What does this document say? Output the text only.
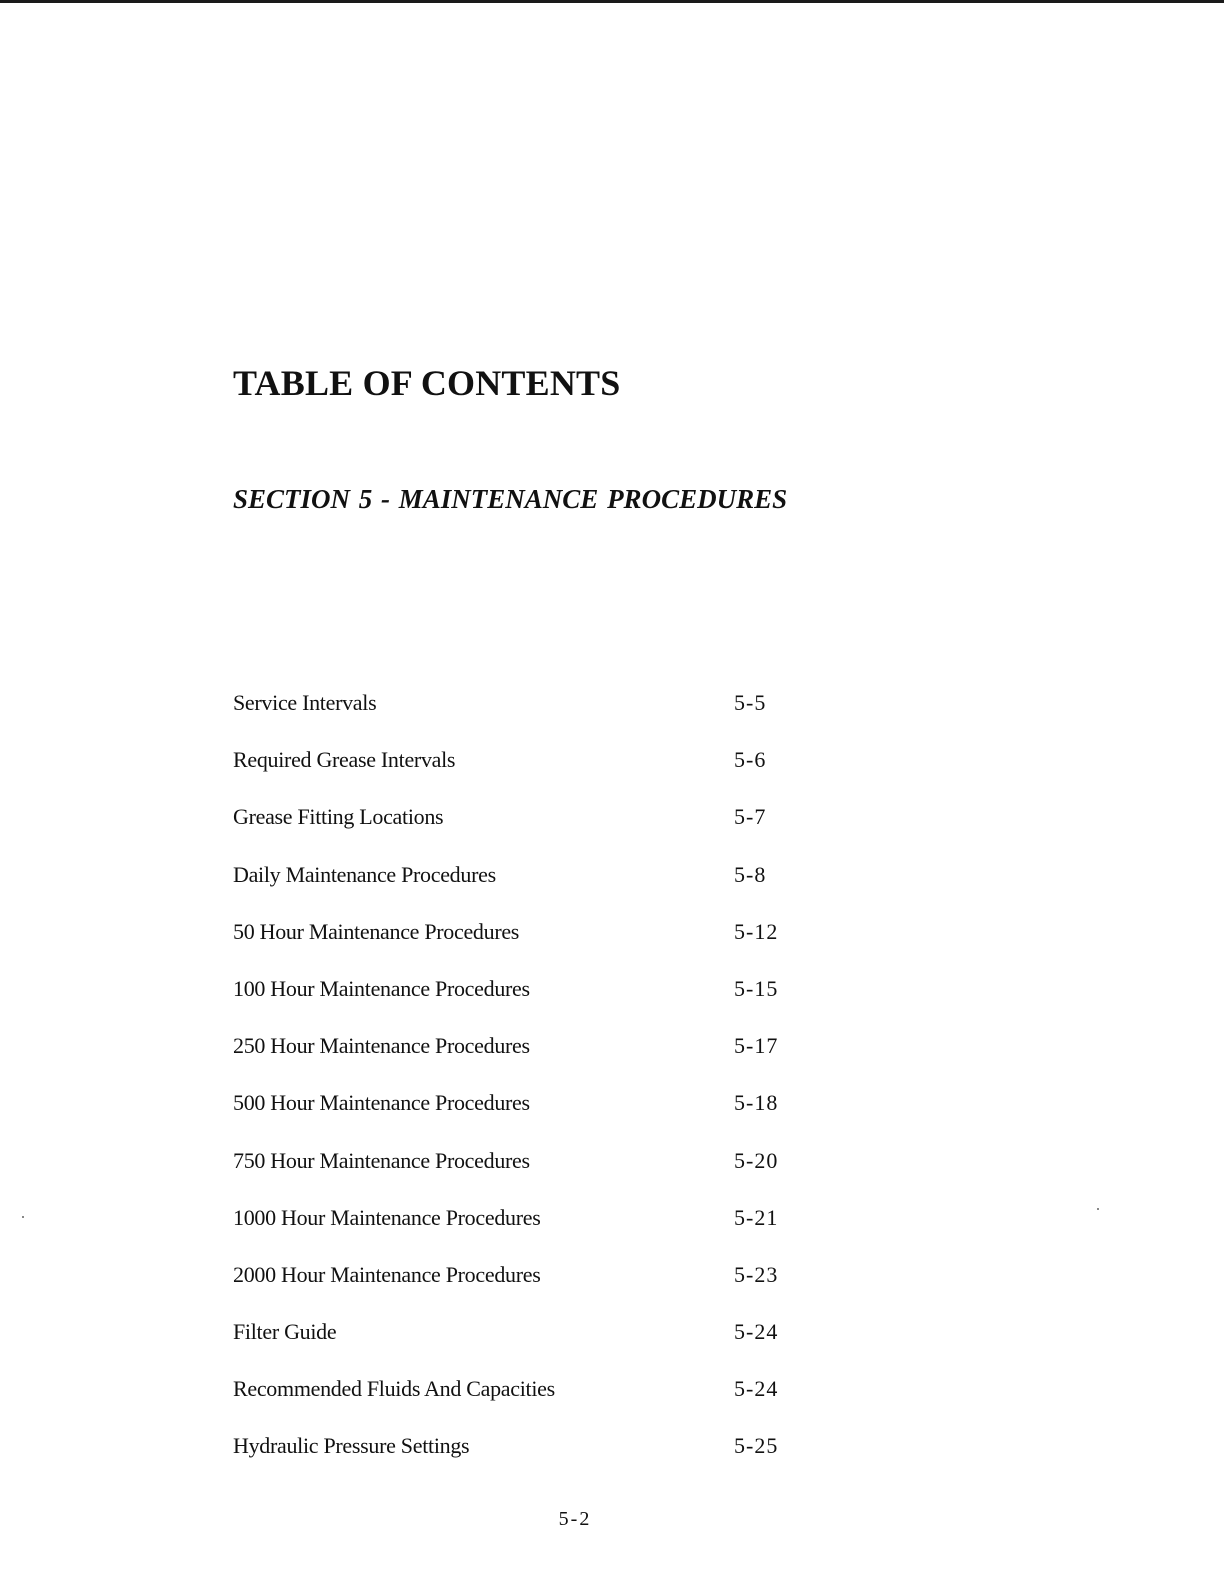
TABLE OF CONTENTS
SECTION 5 - MAINTENANCE PROCEDURES
Service Intervals	5-5
Required Grease Intervals	5-6
Grease Fitting Locations	5-7
Daily Maintenance Procedures	5-8
50 Hour Maintenance Procedures	5-12
100 Hour Maintenance Procedures	5-15
250 Hour Maintenance Procedures	5-17
500 Hour Maintenance Procedures	5-18
750 Hour Maintenance Procedures	5-20
1000 Hour Maintenance Procedures	5-21
2000 Hour Maintenance Procedures	5-23
Filter Guide	5-24
Recommended Fluids And Capacities	5-24
Hydraulic Pressure Settings	5-25
5-2
